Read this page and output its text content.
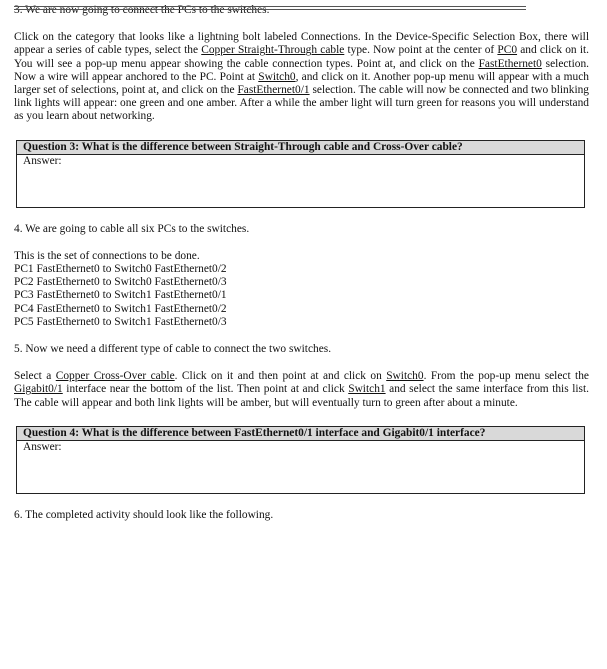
3. We are now going to connect the PCs to the switches.

Click on the category that looks like a lightning bolt labeled Connections. In the Device-Specific Selection Box, there will appear a series of cable types, select the Copper Straight-Through cable type. Now point at the center of PC0 and click on it. You will see a pop-up menu appear showing the cable connection types. Point at, and click on the FastEthernet0 selection. Now a wire will appear anchored to the PC. Point at Switch0, and click on it. Another pop-up menu will appear with a much larger set of selections, point at, and click on the FastEthernet0/1 selection. The cable will now be connected and two blinking link lights will appear: one green and one amber. After a while the amber light will turn green for reasons you will understand as you learn about networking.

Question 3: What is the difference between Straight-Through cable and Cross-Over cable?
Answer:

4. We are going to cable all six PCs to the switches.

This is the set of connections to be done.

PC1 FastEthernet0 to Switch0 FastEthernet0/2
PC2 FastEthernet0 to Switch0 FastEthernet0/3
PC3 FastEthernet0 to Switch1 FastEthernet0/1
PC4 FastEthernet0 to Switch1 FastEthernet0/2
PC5 FastEthernet0 to Switch1 FastEthernet0/3

5. Now we need a different type of cable to connect the two switches.

Select a Copper Cross-Over cable. Click on it and then point at and click on Switch0. From the pop-up menu select the Gigabit0/1 interface near the bottom of the list. Then point at and click Switch1 and select the same interface from this list. The cable will appear and both link lights will be amber, but will eventually turn to green after about a minute.

Question 4: What is the difference between FastEthernet0/1 interface and Gigabit0/1 interface?
Answer:

6. The completed activity should look like the following.
